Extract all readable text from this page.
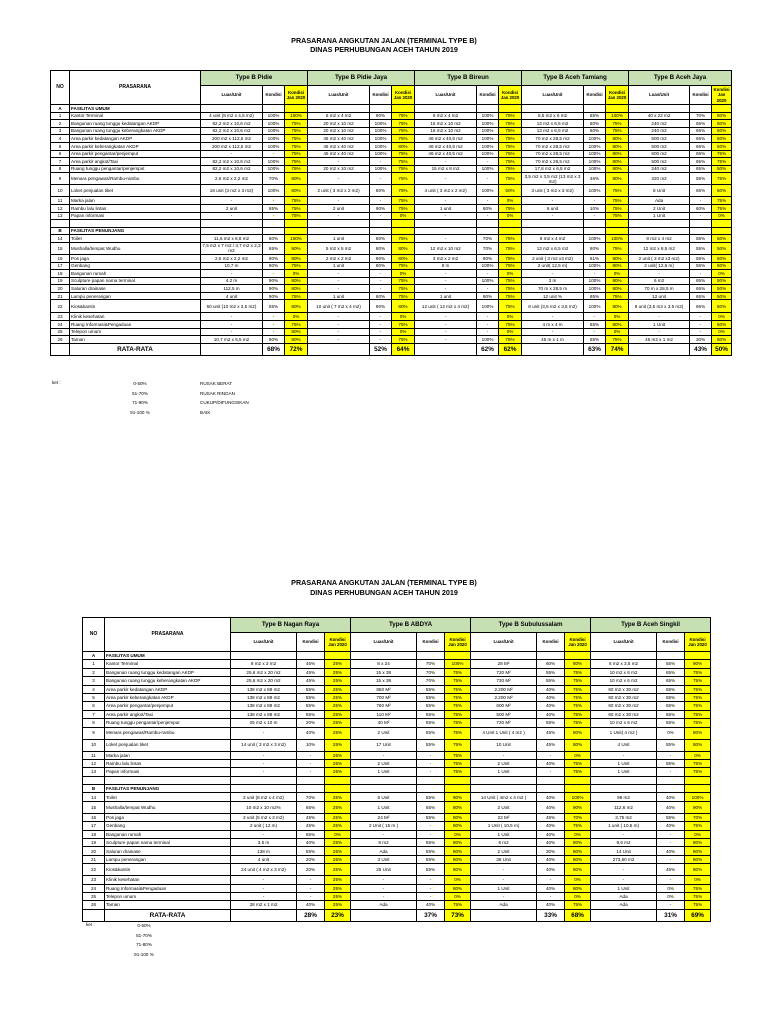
PRASARANA ANGKUTAN JALAN (TERMINAL TYPE B)
DINAS PERHUBUNGAN ACEH TAHUN 2019
NO	PRASARANA	Type B Pidie			Type B Pidie Jaya			Type B Bireun			Type B Aceh Tamiang			Type B Aceh Jaya		
		Luas/Unit	Kondisi	Kondisi Jan 2020	Luas/Unit	Kondisi	Kondisi Jan 2020	Luas/Unit	Kondisi	Kondisi Jan 2020	Luas/Unit	Kondisi	Kondisi Jan 2020	Luas/Unit	Kondisi	Kondisi Jan 2020
A	FASILITAS UMUM															
1	Kantor Terminal	4 unit (8 m2 x 4,5 m2)	100%	100%	6 m2 x 4 m2	90%	75%	6 m2 x 4 m2	100%	75%	8,5 m2 x 6 m2	65%	100%	40 x 22 m2	70%	50%
2	Bangunan ruang tunggu kedatangan AKDP	82,2 m2 x 10,6 m2	100%	75%	20 m2 x 10 m2	100%	75%	15 m2 x 10 m2	100%	75%	13 m2 x 6,5 m2	60%	75%	240 m2	65%	50%
3	Bangunan ruang tunggu keberangkatan AKDP	82,2 m2 x 10,6 m2	100%	75%	20 m2 x 10 m2	100%	75%	15 m2 x 10 m2	100%	75%	13 m2 x 6,5 m2	60%	75%	240 m2	65%	50%
4	Area parkir kedatangan AKDP	200 m2 x 112,5 m2	100%	75%	45 m2 x 40 m2	100%	75%	46 m2 x 40,5 m2	100%	75%	70 m2 x 28,5 m2	100%	80%	500 m2	65%	50%
5	Area parkir keberangkatan AKDP	200 m2 x 112,5 m2	100%	75%	45 m2 x 40 m2	100%	80%	46 m2 x 40,5 m2	100%	75%	70 m2 x 28,5 m2	100%	80%	500 m2	65%	50%
6	Area parkir pengantar/penjemput	-	-	75%	45 m2 x 40 m2	100%	75%	46 m2 x 40,5 m2	100%	75%	70 m2 x 28,5 m2	100%	80%	600 m2	65%	75%
7	Area parkir angkot/Taxi	82,2 m2 x 10,6 m2	100%	75%	-	-	75%	-	-	75%	70 m2 x 28,5 m2	100%	80%	500 m2	65%	75%
8	Ruang tunggu pengantar/penjemput	82,2 m2 x 10,6 m2	100%	75%	20 m2 x 10 m2	100%	75%	15 m2 x 8 m2	100%	75%	17,8 m2 x 6,5 m2	100%	80%	240 m2	65%	50%
9	Menara pengawas/Rambu-rambu	2,6 m2 x 2,2 m2	70%	80%	-	-	75%	-	-	75%	3,5 m2 x 3,5 m2 (13 m2 x 3 m2)	46%	80%	320 m2	55%	75%
10	Loket penjualan tiket	16 unit (3 m2 x 3 m2)	100%	80%	2 unit ( 3 m2 x 2 m2)	80%	75%	4 unit ( 3 m2 x 2 m2)	100%	50%	3 unit ( 3 m2 x 3 m2)	100%	75%	8 Unit	65%	50%
11	Marka jalan	-	-	75%	-	-	75%	-	-	0%	-	-	75%	Ada	-	75%
12	Rambu lalu lintas	2 unit	65%	75%	2 unit	90%	75%	1 unit	60%	75%	6 unit	10%	75%	2 Unit	60%	75%
13	Papan informasi	-	-	75%	-	-	0%	-	-	0%	-	-	75%	1 Unit	-	0%

B	FASILITAS PENUNJANG															
14	Toilet	11,6 m2 x 8,8 m2	60%	100%	1 unit	80%	75%	-	70%	75%	8 m2 x 4 m2	100%	100%	8 m2 x 4 m2	55%	50%
15	Mushalla/tempat Wudhu	7,5 m2 x 7 m2 / 3,7 m2 x 2,3 m2	65%	90%	5 m2 x 5 m2	80%	80%	12 m2 x 10 m2	70%	75%	13 m2 x 6,5 m2	60%	75%	12 m2 x 8,5 m2	55%	50%
16	Pos jaga	2,5 m2 x 2,2 m2	90%	90%	2 m2 x 2 m2	80%	80%	3 m2 x 2 m2	90%	75%	2 unit ( 3 m2 x3 m2)	61%	90%	2 unit ( 3 m2 x3 m2)	55%	50%
17	Genbang	10,7 m	90%	75%	1 unit	80%	75%	8 m	100%	75%	2 unit( 12,5 m)	100%	80%	2 unit( 12,5 m)	55%	50%
18	Bangunan rumah	-	-	0%	-	-	0%	-	-	0%	-	-	0%	-	-	0%
19	Sculpture papan nama terminal	4.2 m	90%	80%	-	-	75%	-	100%	75%	3 m	100%	80%	6 m2	65%	50%
20	Saluran drainase	112,5 m	90%	80%	-	-	75%	-	-	75%	70 m x 28,5 m	100%	80%	70 m x 28,5 m	65%	50%
21	Lampu penerangan	4 unit	90%	75%	1 unit	80%	75%	1 unit	90%	75%	12 unit %	65%	75%	12 unit	65%	50%
22	Kios&kantin	50 unit (10 m2 x 3,5 m2)	55%	80%	10 unit ( 7 m2 x 4 m2)	80%	80%	12 unit ( 12 m2 x 4 m2)	100%	75%	8 unit (3,5 m2 x 3,5 m2)	100%	80%	8 unit (3,5 m2 x 3,5 m2)	65%	50%
23	Klinik kesehatan	-	-	0%	-	-	0%	-	-	0%	-	-	0%	-	-	0%
24	Ruang Informasi&Pengaduan	-	-	75%	-	-	75%	-	-	75%	4 m x 4 m	65%	80%	1 Unit	-	50%
25	Telepon umum	-	-	80%	-	-	0%	-	-	0%	-	-	0%	-	-	0%
26	Taman	10,7 m2 x 5,5 m2	90%	80%	-	-	75%	-	100%	75%	45 m x 1 m	55%	75%	45 m2 x 1 m2	30%	50%
	RATA-RATA		68%	72%		52%	64%		62%	62%		63%	74%		43%	50%
ket :	0-50%	RUSAK BERAT
51-70%	RUSAK RINGAN
71-90%	CUKUP/DIFUNGSIKAN
91-100 %	BAIK
PRASARANA ANGKUTAN JALAN (TERMINAL TYPE B)
DINAS PERHUBUNGAN ACEH TAHUN 2019
NO	PRASARANA	Type B Nagan Raya			Type B ABDYA			Type B Subulussalam			Type B Aceh Singkil		
		Luas/Unit	Kondisi	Kondisi Jan 2020	Luas/Unit	Kondisi	Kondisi Jan 2020	Luas/Unit	Kondisi	Kondisi Jan 2020	Luas/Unit	Kondisi	Kondisi Jan 2020
A	FASILITAS UMUM												
1	Kantor Terminal	8 m2 x 3 m2	45%	25%	8 x 24	70%	100%	28 M²	60%	80%	6 m2 x 3,5 m2	55%	90%
2	Bangunan ruang tunggu kedatangan AKDP	25,6 m2 x 20 m2	45%	25%	15 x 38	70%	75%	720 M²	55%	75%	10 m2 x 6 m2	65%	75%
3	Bangunan ruang tunggu keberangkatan AKDP	25,6 m2 x 20 m2	45%	25%	15 x 38	70%	75%	720 M²	55%	75%	10 m2 x 6 m2	65%	75%
4	Area parkir kedatangan AKDP	138 m2 x 88 m2	55%	25%	850 M²	55%	75%	2.200 M²	40%	75%	60 m2 x 30 m2	65%	75%
5	Area parkir keberangkatan AKDP	138 m2 x 88 m2	55%	25%	700 M²	55%	75%	2.200 M²	40%	75%	60 m2 x 30 m2	65%	75%
6	Area parkir pengantar/penjemput	138 m2 x 88 m2	55%	25%	760 M²	55%	75%	600 M²	40%	75%	60 m2 x 30 m2	65%	75%
7	Area parkir angkot/Taxi	138 m2 x 88 m2	55%	25%	110 M²	55%	75%	500 M²	40%	75%	60 m2 x 30 m2	65%	75%
8	Ruang tunggu pengantar/penjemput	25 m2 x 10 m	20%	25%	40 M²	55%	75%	720 M²	55%	75%	10 m2 x 6 m2	65%	75%
9	Menara pengawas/Rambu-rambu	-	40%	25%	2 Unit	55%	75%	4 Unit 1 Unit ( 4 m2 )	45%	80%	1 Unit( 4 m2 )	0%	80%
10	Loket penjualan tiket	14 unit ( 3 m2 x 3 m2)	10%	25%	17 Unit	55%	75%	10 Unit	45%	80%	4 Unit	55%	80%
11	Marka jalan	-	-	25%	-	-	75%	-	-	0%	-	-	0%
12	Rambu lalu lintas	-	-	25%	2 Unit	-	75%	2 Unit	40%	75%	1 Unit	55%	75%
13	Papan informasi	-	-	25%	1 Unit	-	75%	1 Unit	-	75%	1 Unit	-	75%

B	FASILITAS PENUNJANG												
14	Toilet	2 unit (8 m2 x 4 m2)	70%	25%	6 Unit	55%	90%	14 Unit ( 4m2 x 4 m2 )	40%	100%	98 m2	40%	100%
15	Mushalla/tempat Wudhu	10 m2 x 10 m2%	65%	25%	1 Unit	55%	80%	2 Unit	40%	90%	112,6 m2	40%	90%
16	Pos jaga	2 unit (5 m2 x 3 m2)	45%	25%	24 M²	55%	80%	22 M²	45%	70%	3,75 m2	55%	70%
17	Genbang	2 unit ( 12 m)	45%	25%	2 Unit ( 15 m )	-	80%	1 Unit ( 10,5 m)	40%	75%	1 unit ( 10,5 m)	40%	75%
18	Bangunan rumah	-	65%	0%	-	-	0%	1 Unit	40%	0%	-	-	0%
19	Sculpture papan nama terminal	3.5 m	40%	25%	8 m2	55%	80%	6 m2	40%	80%	9,6 m2	-	80%
20	Saluran drainase	138 m	55%	25%	Ada	55%	80%	2 Unit	30%	80%	14 Unit	40%	80%
21	Lampu penerangan	4 unit	20%	25%	3 Unit	55%	80%	36 Unit	40%	80%	273,60 m2	-	80%
22	Kios&kantin	24 unit ( 4 m2 x 3 m2)	20%	25%	25 Unit	55%	80%	-	40%	80%	-	45%	80%
23	Klinik kesehatan	-	-	25%	-	-	0%	-	-	0%	-	-	0%
24	Ruang Informasi&Pengaduan	-	-	25%	-	-	80%	1 Unit	40%	80%	1 Unit	0%	75%
25	Telepon umum	-	-	25%	-	-	0%	-	-	0%	Ada	0%	75%
26	Taman	28 m2 x 1 m2	40%	25%	Ada	40%	75%	Ada	40%	75%	Ada	-	75%
	RATA-RATA		28%	23%		37%	73%		33%	68%		31%	69%
ket :	0-50%
51-70%
71-80%
91-100 %
